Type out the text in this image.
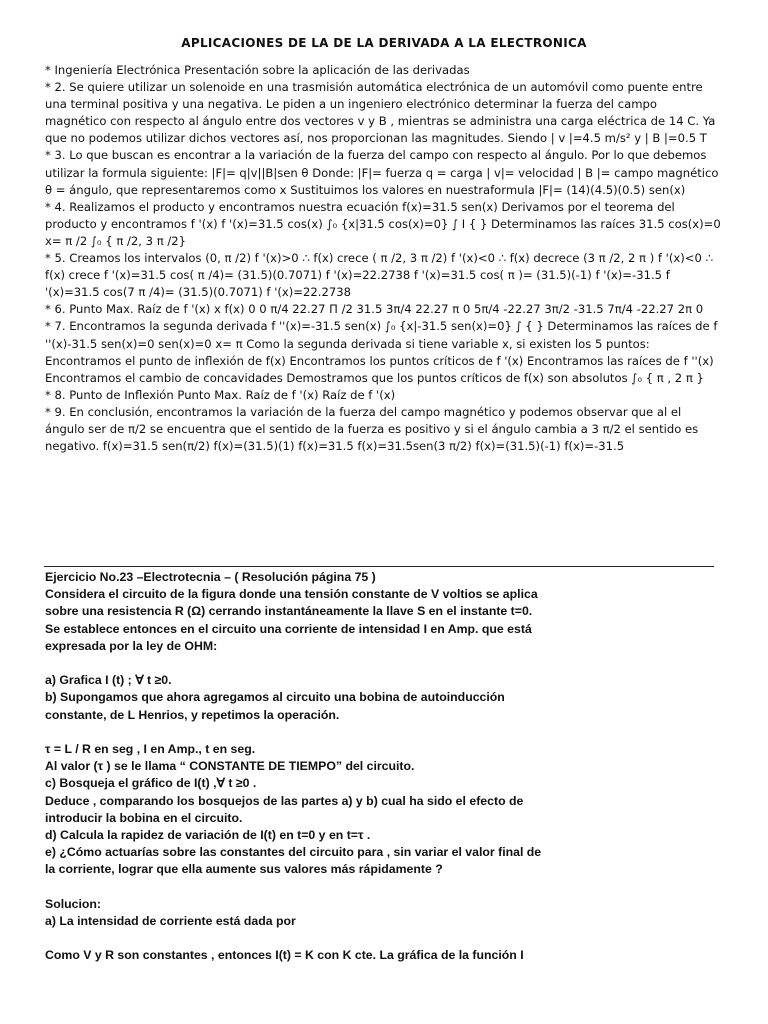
APLICACIONES DE LA DE LA DERIVADA A LA ELECTRONICA

* Ingeniería Electrónica Presentación sobre la aplicación de las derivadas

* 2. Se quiere utilizar un solenoide en una trasmisión automática electrónica de un automóvil como puente entre una terminal positiva y una negativa. Le piden a un ingeniero electrónico determinar la fuerza del campo magnético con respecto al ángulo entre dos vectores v y B , mientras se administra una carga eléctrica de 14 C. Ya que no podemos utilizar dichos vectores así, nos proporcionan las magnitudes. Siendo | v |=4.5 m/s² y | B |=0.5 T

* 3. Lo que buscan es encontrar a la variación de la fuerza del campo con respecto al ángulo. Por lo que debemos utilizar la formula siguiente: |F|= q|v||B|sen θ Donde: |F|= fuerza q = carga | v|= velocidad | B |= campo magnético θ = ángulo, que representaremos como x Sustituimos los valores en nuestraformula |F|= (14)(4.5)(0.5) sen(x)

* 4. Realizamos el producto y encontramos nuestra ecuación f(x)=31.5 sen(x) Derivamos por el teorema del producto y encontramos f '(x) f '(x)=31.5 cos(x) ∫₀ {x|31.5 cos(x)=0} ∫ I { } Determinamos las raíces 31.5 cos(x)=0 x= π /2 ∫₀ { π /2, 3 π /2}

* 5. Creamos los intervalos (0, π /2) f '(x)>0 ∴ f(x) crece ( π /2, 3 π /2) f '(x)<0 ∴ f(x) decrece (3 π /2, 2 π ) f '(x)<0 ∴ f(x) crece f '(x)=31.5 cos( π /4)= (31.5)(0.7071) f '(x)=22.2738 f '(x)=31.5 cos( π )= (31.5)(-1) f '(x)=-31.5 f '(x)=31.5 cos(7 π /4)= (31.5)(0.7071) f '(x)=22.2738

* 6. Punto Max. Raíz de f '(x) x f(x) 0 0 π/4 22.27 Π /2 31.5 3π/4 22.27 π 0 5π/4 -22.27 3π/2 -31.5 7π/4 -22.27 2π 0

* 7. Encontramos la segunda derivada f ''(x)=-31.5 sen(x) ∫₀ {x|-31.5 sen(x)=0} ∫ { } Determinamos las raíces de f ''(x)-31.5 sen(x)=0 sen(x)=0 x= π Como la segunda derivada si tiene variable x, si existen los 5 puntos: Encontramos el punto de inflexión de f(x) Encontramos los puntos críticos de f '(x) Encontramos las raíces de f ''(x) Encontramos el cambio de concavidades Demostramos que los puntos críticos de f(x) son absolutos ∫₀ { π , 2 π }

* 8. Punto de Inflexión Punto Max. Raíz de f '(x) Raíz de f '(x)

* 9. En conclusión, encontramos la variación de la fuerza del campo magnético y podemos observar que al el ángulo ser de π/2 se encuentra que el sentido de la fuerza es positivo y si el ángulo cambia a 3 π/2 el sentido es negativo. f(x)=31.5 sen(π/2) f(x)=(31.5)(1) f(x)=31.5 f(x)=31.5sen(3 π/2) f(x)=(31.5)(-1) f(x)=-31.5

Ejercicio No.23 –Electrotecnia – ( Resolución página 75 )

Considera el circuito de la figura donde una tensión constante de V voltios se aplica

sobre una resistencia R (Ω) cerrando instantáneamente la llave S en el instante t=0.

Se establece entonces en el circuito una corriente de intensidad I en Amp. que está

expresada por la ley de OHM:

a) Grafica I (t) ; ∀ t ≥0.

b) Supongamos que ahora agregamos al circuito una bobina de autoinducción

constante, de L Henrios, y repetimos la operación.

τ = L / R en seg , I en Amp., t en seg.

Al valor (τ ) se le llama “ CONSTANTE DE TIEMPO” del circuito.

c) Bosqueja el gráfico de I(t) ,∀ t ≥0 .

Deduce , comparando los bosquejos de las partes a) y b) cual ha sido el efecto de

introducir la bobina en el circuito.

d) Calcula la rapidez de variación de I(t) en t=0 y en t=τ .

e) ¿Cómo actuarías sobre las constantes del circuito para , sin variar el valor final de

la corriente, lograr que ella aumente sus valores más rápidamente ?

Solucion:

a) La intensidad de corriente está dada por

Como V y R son constantes , entonces I(t) = K con K cte. La gráfica de la función I
